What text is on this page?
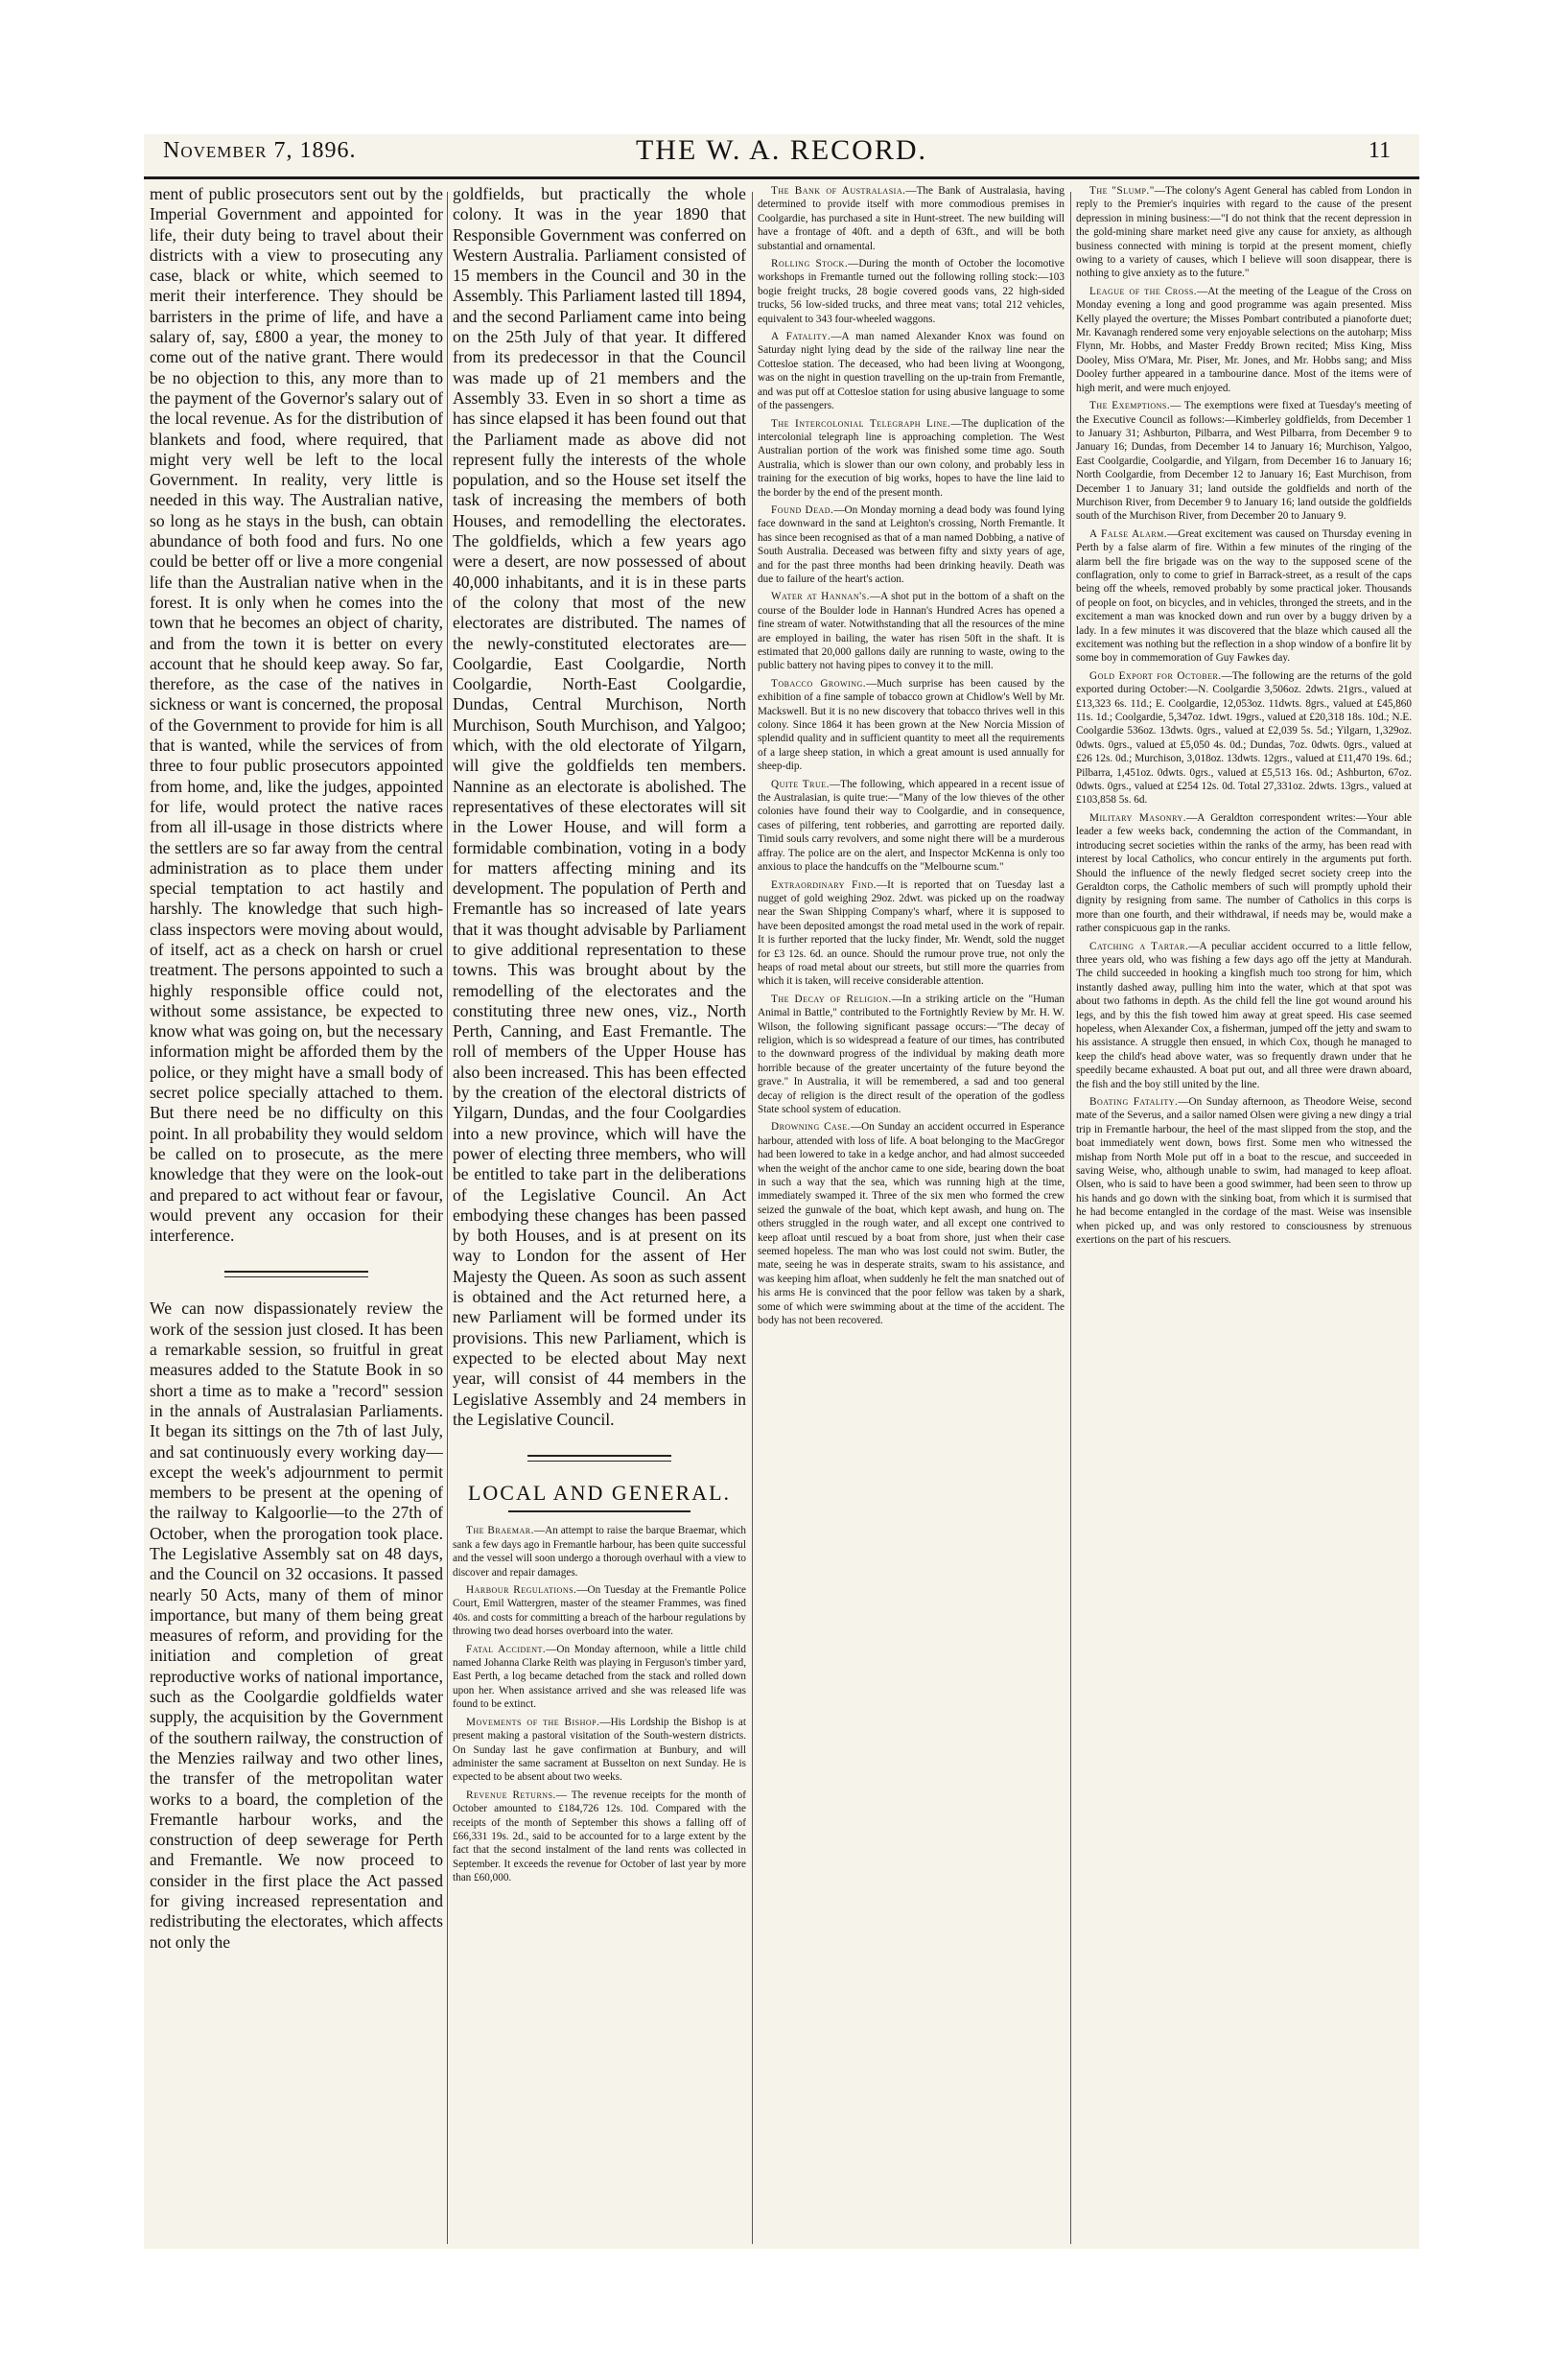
THE W. A. RECORD.
November 7, 1896.	11

ment of public prosecutors sent out by the Imperial Government and appointed for life, their duty being to travel about their districts with a view to prosecuting any case, black or white, which seemed to merit their interference. They should be barristers in the prime of life, and have a salary of, say, £800 a year, the money to come out of the native grant. There would be no objection to this, any more than to the payment of the Governor's salary out of the local revenue. As for the distribution of blankets and food, where required, that might very well be left to the local Government. In reality, very little is needed in this way. The Australian native, so long as he stays in the bush, can obtain abundance of both food and furs. No one could be better off or live a more congenial life than the Australian native when in the forest. It is only when he comes into the town that he becomes an object of charity, and from the town it is better on every account that he should keep away. So far, therefore, as the case of the natives in sickness or want is concerned, the proposal of the Government to provide for him is all that is wanted, while the services of from three to four public prosecutors appointed from home, and, like the judges, appointed for life, would protect the native races from all ill-usage in those districts where the settlers are so far away from the central administration as to place them under special temptation to act hastily and harshly. The knowledge that such high-class inspectors were moving about would, of itself, act as a check on harsh or cruel treatment. The persons appointed to such a highly responsible office could not, without some assistance, be expected to know what was going on, but the necessary information might be afforded them by the police, or they might have a small body of secret police specially attached to them. But there need be no difficulty on this point. In all probability they would seldom be called on to prosecute, as the mere knowledge that they were on the look-out and prepared to act without fear or favour, would prevent any occasion for their interference.

We can now dispassionately review the work of the session just closed. It has been a remarkable session, so fruitful in great measures added to the Statute Book in so short a time as to make a "record" session in the annals of Australasian Parliaments. It began its sittings on the 7th of last July, and sat continuously every working day—except the week's adjournment to permit members to be present at the opening of the railway to Kalgoorlie—to the 27th of October, when the prorogation took place. The Legislative Assembly sat on 48 days, and the Council on 32 occasions. It passed nearly 50 Acts, many of them of minor importance, but many of them being great measures of reform, and providing for the initiation and completion of great reproductive works of national importance, such as the Coolgardie goldfields water supply, the acquisition by the Government of the southern railway, the construction of the Menzies railway and two other lines, the transfer of the metropolitan water works to a board, the completion of the Fremantle harbour works, and the construction of deep sewerage for Perth and Fremantle. We now proceed to consider in the first place the Act passed for giving increased representation and redistributing the electorates, which affects not only the

goldfields, but practically the whole colony. It was in the year 1890 that Responsible Government was conferred on Western Australia. Parliament consisted of 15 members in the Council and 30 in the Assembly. This Parliament lasted till 1894, and the second Parliament came into being on the 25th July of that year. It differed from its predecessor in that the Council was made up of 21 members and the Assembly 33. Even in so short a time as has since elapsed it has been found out that the Parliament made as above did not represent fully the interests of the whole population, and so the House set itself the task of increasing the members of both Houses, and remodelling the electorates. The goldfields, which a few years ago were a desert, are now possessed of about 40,000 inhabitants, and it is in these parts of the colony that most of the new electorates are distributed. The names of the newly-constituted electorates are—Coolgardie, East Coolgardie, North Coolgardie, North-East Coolgardie, Dundas, Central Murchison, North Murchison, South Murchison, and Yalgoo; which, with the old electorate of Yilgarn, will give the goldfields ten members. Nannine as an electorate is abolished. The representatives of these electorates will sit in the Lower House, and will form a formidable combination, voting in a body for matters affecting mining and its development. The population of Perth and Fremantle has so increased of late years that it was thought advisable by Parliament to give additional representation to these towns. This was brought about by the remodelling of the electorates and the constituting three new ones, viz., North Perth, Canning, and East Fremantle. The roll of members of the Upper House has also been increased. This has been effected by the creation of the electoral districts of Yilgarn, Dundas, and the four Coolgardies into a new province, which will have the power of electing three members, who will be entitled to take part in the deliberations of the Legislative Council. An Act embodying these changes has been passed by both Houses, and is at present on its way to London for the assent of Her Majesty the Queen. As soon as such assent is obtained and the Act returned here, a new Parliament will be formed under its provisions. This new Parliament, which is expected to be elected about May next year, will consist of 44 members in the Legislative Assembly and 24 members in the Legislative Council.

LOCAL AND GENERAL.

The Braemar.—An attempt to raise the barque Braemar, which sank a few days ago in Fremantle harbour, has been quite successful and the vessel will soon undergo a thorough overhaul with a view to discover and repair damages.

Harbour Regulations.—On Tuesday at the Fremantle Police Court, Emil Wattergren, master of the steamer Frammes, was fined 40s. and costs for committing a breach of the harbour regulations by throwing two dead horses overboard into the water.

Fatal Accident.—On Monday afternoon, while a little child named Johanna Clarke Reith was playing in Ferguson's timber yard, East Perth, a log became detached from the stack and rolled down upon her. When assistance arrived and she was released life was found to be extinct.

Movements of the Bishop.—His Lordship the Bishop is at present making a pastoral visitation of the South-western districts. On Sunday last he gave confirmation at Bunbury, and will administer the same sacrament at Busselton on next Sunday. He is expected to be absent about two weeks.

Revenue Returns.— The revenue receipts for the month of October amounted to £184,726 12s. 10d. Compared with the receipts of the month of September this shows a falling off of £66,331 19s. 2d., said to be accounted for to a large extent by the fact that the second instalment of the land rents was collected in September. It exceeds the revenue for October of last year by more than £60,000.

The Bank of Australasia.—The Bank of Australasia, having determined to provide itself with more commodious premises in Coolgardie, has purchased a site in Hunt-street. The new building will have a frontage of 40ft. and a depth of 63ft., and will be both substantial and ornamental.

Rolling Stock.—During the month of October the locomotive workshops in Fremantle turned out the following rolling stock:—103 bogie freight trucks, 28 bogie covered goods vans, 22 high-sided trucks, 56 low-sided trucks, and three meat vans; total 212 vehicles, equivalent to 343 four-wheeled waggons.

A Fatality.—A man named Alexander Knox was found on Saturday night lying dead by the side of the railway line near the Cottesloe station. The deceased, who had been living at Woongong, was on the night in question travelling on the up-train from Fremantle, and was put off at Cottesloe station for using abusive language to some of the passengers.

The Intercolonial Telegraph Line.—The duplication of the intercolonial telegraph line is approaching completion. The West Australian portion of the work was finished some time ago. South Australia, which is slower than our own colony, and probably less in training for the execution of big works, hopes to have the line laid to the border by the end of the present month.

Found Dead.—On Monday morning a dead body was found lying face downward in the sand at Leighton's crossing, North Fremantle. It has since been recognised as that of a man named Dobbing, a native of South Australia. Deceased was between fifty and sixty years of age, and for the past three months had been drinking heavily. Death was due to failure of the heart's action.

Water at Hannan's.—A shot put in the bottom of a shaft on the course of the Boulder lode in Hannan's Hundred Acres has opened a fine stream of water. Notwithstanding that all the resources of the mine are employed in bailing, the water has risen 50ft in the shaft. It is estimated that 20,000 gallons daily are running to waste, owing to the public battery not having pipes to convey it to the mill.

Tobacco Growing.—Much surprise has been caused by the exhibition of a fine sample of tobacco grown at Chidlow's Well by Mr. Mackswell. But it is no new discovery that tobacco thrives well in this colony. Since 1864 it has been grown at the New Norcia Mission of splendid quality and in sufficient quantity to meet all the requirements of a large sheep station, in which a great amount is used annually for sheep-dip.

Quite True.—The following, which appeared in a recent issue of the Australasian, is quite true:—"Many of the low thieves of the other colonies have found their way to Coolgardie, and in consequence, cases of pilfering, tent robberies, and garrotting are reported daily. Timid souls carry revolvers, and some night there will be a murderous affray. The police are on the alert, and Inspector McKenna is only too anxious to place the handcuffs on the "Melbourne scum."

Extraordinary Find.—It is reported that on Tuesday last a nugget of gold weighing 29oz. 2dwt. was picked up on the roadway near the Swan Shipping Company's wharf, where it is supposed to have been deposited amongst the road metal used in the work of repair. It is further reported that the lucky finder, Mr. Wendt, sold the nugget for £3 12s. 6d. an ounce. Should the rumour prove true, not only the heaps of road metal about our streets, but still more the quarries from which it is taken, will receive considerable attention.

The Decay of Religion.—In a striking article on the "Human Animal in Battle," contributed to the Fortnightly Review by Mr. H. W. Wilson, the following significant passage occurs:—"The decay of religion, which is so widespread a feature of our times, has contributed to the downward progress of the individual by making death more horrible because of the greater uncertainty of the future beyond the grave." In Australia, it will be remembered, a sad and too general decay of religion is the direct result of the operation of the godless State school system of education.

Drowning Case.—On Sunday an accident occurred in Esperance harbour, attended with loss of life. A boat belonging to the MacGregor had been lowered to take in a kedge anchor, and had almost succeeded when the weight of the anchor came to one side, bearing down the boat in such a way that the sea, which was running high at the time, immediately swamped it. Three of the six men who formed the crew seized the gunwale of the boat, which kept awash, and hung on. The others struggled in the rough water, and all except one contrived to keep afloat until rescued by a boat from shore, just when their case seemed hopeless. The man who was lost could not swim. Butler, the mate, seeing he was in desperate straits, swam to his assistance, and was keeping him afloat, when suddenly he felt the man snatched out of his arms He is convinced that the poor fellow was taken by a shark, some of which were swimming about at the time of the accident. The body has not been recovered.

The "Slump."—The colony's Agent General has cabled from London in reply to the Premier's inquiries with regard to the cause of the present depression in mining business:—"I do not think that the recent depression in the gold-mining share market need give any cause for anxiety, as although business connected with mining is torpid at the present moment, chiefly owing to a variety of causes, which I believe will soon disappear, there is nothing to give anxiety as to the future."

League of the Cross.—At the meeting of the League of the Cross on Monday evening a long and good programme was again presented. Miss Kelly played the overture; the Misses Pombart contributed a pianoforte duet; Mr. Kavanagh rendered some very enjoyable selections on the autoharp; Miss Flynn, Mr. Hobbs, and Master Freddy Brown recited; Miss King, Miss Dooley, Miss O'Mara, Mr. Piser, Mr. Jones, and Mr. Hobbs sang; and Miss Dooley further appeared in a tambourine dance. Most of the items were of high merit, and were much enjoyed.

The Exemptions.— The exemptions were fixed at Tuesday's meeting of the Executive Council as follows:—Kimberley goldfields, from December 1 to January 31; Ashburton, Pilbarra, and West Pilbarra, from December 9 to January 16; Dundas, from December 14 to January 16; Murchison, Yalgoo, East Coolgardie, Coolgardie, and Yilgarn, from December 16 to January 16; North Coolgardie, from December 12 to January 16; East Murchison, from December 1 to January 31; land outside the goldfields and north of the Murchison River, from December 9 to January 16; land outside the goldfields south of the Murchison River, from December 20 to January 9.

A False Alarm.—Great excitement was caused on Thursday evening in Perth by a false alarm of fire. Within a few minutes of the ringing of the alarm bell the fire brigade was on the way to the supposed scene of the conflagration, only to come to grief in Barrack-street, as a result of the caps being off the wheels, removed probably by some practical joker. Thousands of people on foot, on bicycles, and in vehicles, thronged the streets, and in the excitement a man was knocked down and run over by a buggy driven by a lady. In a few minutes it was discovered that the blaze which caused all the excitement was nothing but the reflection in a shop window of a bonfire lit by some boy in commemoration of Guy Fawkes day.

Gold Export for October.—The following are the returns of the gold exported during October:—N. Coolgardie 3,506oz. 2dwts. 21grs., valued at £13,323 6s. 11d.; E. Coolgardie, 12,053oz. 11dwts. 8grs., valued at £45,860 11s. 1d.; Coolgardie, 5,347oz. 1dwt. 19grs., valued at £20,318 18s. 10d.; N.E. Coolgardie 536oz. 13dwts. 0grs., valued at £2,039 5s. 5d.; Yilgarn, 1,329oz. 0dwts. 0grs., valued at £5,050 4s. 0d.; Dundas, 7oz. 0dwts. 0grs., valued at £26 12s. 0d.; Murchison, 3,018oz. 13dwts. 12grs., valued at £11,470 19s. 6d.; Pilbarra, 1,451oz. 0dwts. 0grs., valued at £5,513 16s. 0d.; Ashburton, 67oz. 0dwts. 0grs., valued at £254 12s. 0d. Total 27,331oz. 2dwts. 13grs., valued at £103,858 5s. 6d.

Military Masonry.—A Geraldton correspondent writes:—Your able leader a few weeks back, condemning the action of the Commandant, in introducing secret societies within the ranks of the army, has been read with interest by local Catholics, who concur entirely in the arguments put forth. Should the influence of the newly fledged secret society creep into the Geraldton corps, the Catholic members of such will promptly uphold their dignity by resigning from same. The number of Catholics in this corps is more than one fourth, and their withdrawal, if needs may be, would make a rather conspicuous gap in the ranks.

Catching a Tartar.—A peculiar accident occurred to a little fellow, three years old, who was fishing a few days ago off the jetty at Mandurah. The child succeeded in hooking a kingfish much too strong for him, which instantly dashed away, pulling him into the water, which at that spot was about two fathoms in depth. As the child fell the line got wound around his legs, and by this the fish towed him away at great speed. His case seemed hopeless, when Alexander Cox, a fisherman, jumped off the jetty and swam to his assistance. A struggle then ensued, in which Cox, though he managed to keep the child's head above water, was so frequently drawn under that he speedily became exhausted. A boat put out, and all three were drawn aboard, the fish and the boy still united by the line.

Boating Fatality.—On Sunday afternoon, as Theodore Weise, second mate of the Severus, and a sailor named Olsen were giving a new dingy a trial trip in Fremantle harbour, the heel of the mast slipped from the stop, and the boat immediately went down, bows first. Some men who witnessed the mishap from North Mole put off in a boat to the rescue, and succeeded in saving Weise, who, although unable to swim, had managed to keep afloat. Olsen, who is said to have been a good swimmer, had been seen to throw up his hands and go down with the sinking boat, from which it is surmised that he had become entangled in the cordage of the mast. Weise was insensible when picked up, and was only restored to consciousness by strenuous exertions on the part of his rescuers.
